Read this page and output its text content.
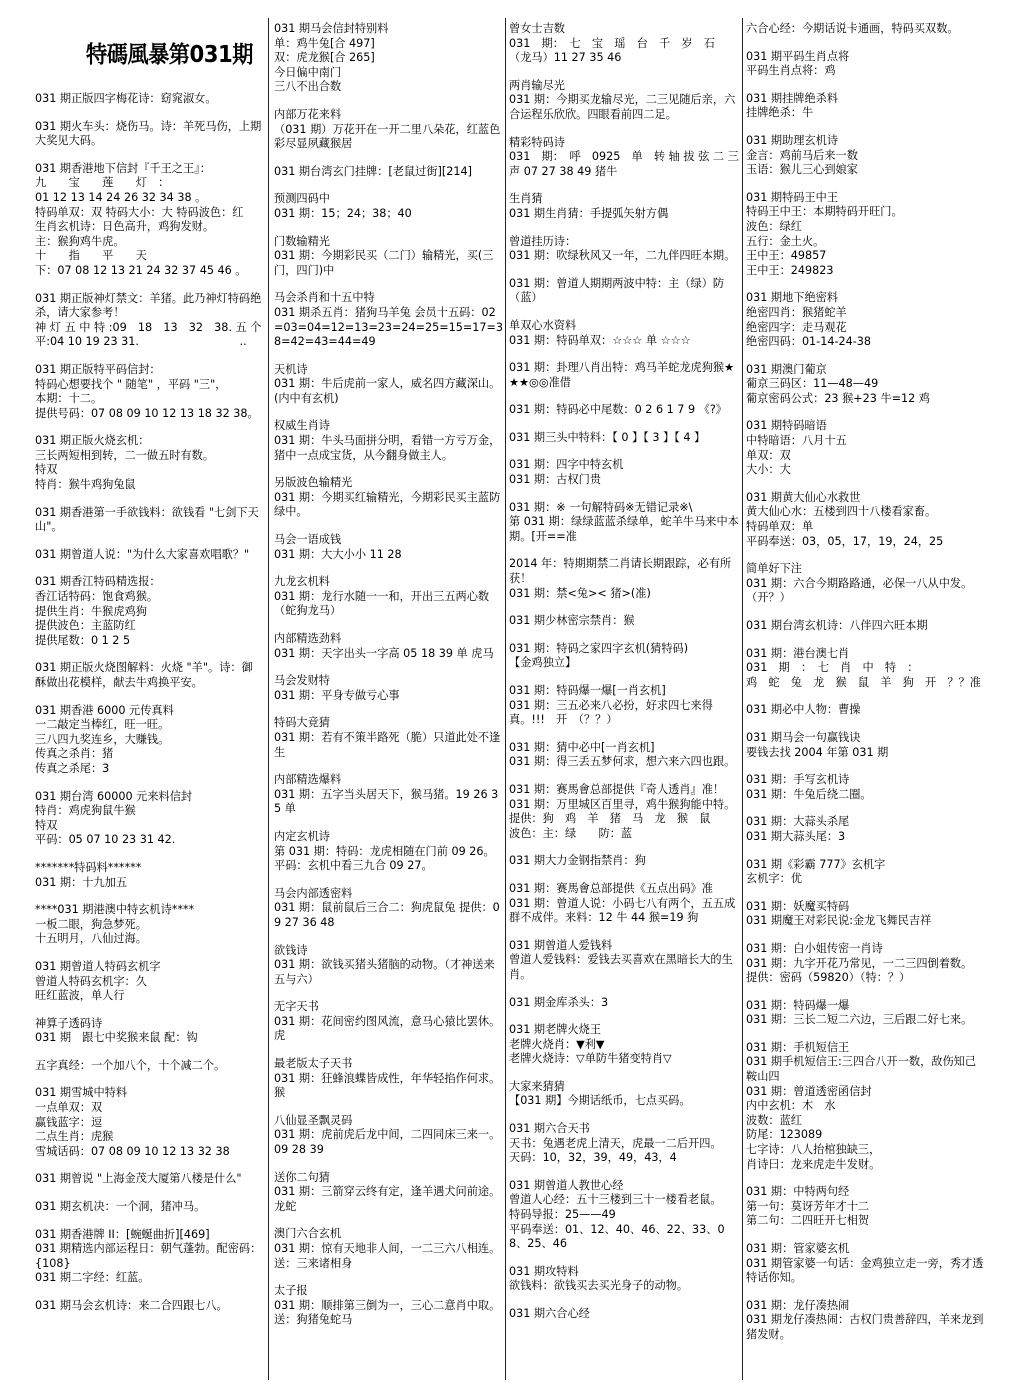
特碼風暴第031期
031 期正版四字梅花诗：窈窕淑女。
031 期火车头：烧伤马。诗：羊死马伤，上期大奖见大码。
031 期香港地下信封『千王之王』：
九　　宝　　莲　　灯　：
01 12 13 14 24 26 32 34 38 。
特码单双：双 特码大小：大 特码波色：红
生肖玄机诗：日色高升，鸡狗发财。
主：猴狗鸡牛虎。
十　　指　　平　　天
下：07 08 12 13 21 24 32 37 45 46 。
031 期正版神灯禁文：羊猪。此乃神灯特码绝杀，请大家参考！
神 灯 五 中 特 :09　18　13　32　38. 五 个
平:04 10 19 23 31.　　　　　　　　　..
031 期正版特平码信封：
特码心想要找个 " 随笔" ，平码 "三"，
本期：十二。
提供号码：07 08 09 10 12 13 18 32 38。
031 期正版火烧玄机：
三长两短相到转，二一做五时有数。
特双
特肖：猴牛鸡狗兔鼠
031 期香港第一手欲钱料：欲钱看 "七剑下天山"。
031 期曾道人说："为什么大家喜欢唱歌？"
031 期香江特码精选报：
香江话特码：饱食鸡猴。
提供生肖：牛猴虎鸡狗
提供波色：主蓝防红
提供尾数：0 1 2 5
031 期正版火烧图解料：火烧 "羊"。诗：御酥做出花模样，献去牛鸡换平安。
031 期香港 6000 元传真料
一二敲定当棒红，旺一旺。
三八四九奖连乡，大赚钱。
传真之杀肖：猪
传真之杀尾：3
031 期台湾 60000 元来料信封
特肖：鸡虎狗鼠牛猴
特双
平码：05 07 10 23 31 42.
*******特码料******
031 期：十九加五
****031 期港澳中特玄机诗****
一板二眼，狗急梦死。
十五明月，八仙过海。
031 期曾道人特码玄机字
曾道人特码玄机字：久
旺红蓝波，单人行
神算子透码诗
031 期　跟七中奖猴来鼠 配：钩
五字真经：一个加八个，十个减二个。
031 期雪城中特料
一点单双：双
赢钱蓝字：逗
二点生肖：虎猴
雪城话码：07 08 09 10 12 13 32 38
031 期曾说 "上海金茂大厦第八楼是什么"
031 期玄机决：一个洞，猪冲马。
031 期香港牌 II：[蜿蜒曲折][469]
031 期精选内部运程日：朝气蓬勃。配密码：{108}
031 期二字经：红蓝。
031 期马会玄机诗：来二合四跟七八。
031 期马会信封特别料
单：鸡牛兔[合 497]
双：虎龙猴[合 265]
今日偏中南门
三八不出合数
内部万花来料
（031 期）万花开在一开二里八朵花，红蓝色彩尽显夙藏猴居
031 期台湾玄门挂牌：[老鼠过街][214]
预测四码中
031 期：15；24；38；40
门数输精光
031 期：今期彩民买（二门）输精光，买(三门，四门)中
马会杀肖和十五中特
031 期杀五肖：猪狗马羊兔 会员十五码：02=03=04=12=13=23=24=25=15=17=38=42=43=44=49
天机诗
031 期：牛后虎前一家人，威名四方藏深山。(内中有玄机)
权威生肖诗
031 期：牛头马面拼分明，看错一方亏万金，猪中一点成宝货，从今翻身做主人。
另版波色输精光
031 期：今期买红输精光，今期彩民买主蓝防绿中。
马会一语成钱
031 期：大大小小 11 28
九龙玄机料
031 期：龙行水随一一和，开出三五两心数（蛇狗龙马）
内部精选劲料
031 期：天字出头一字高 05 18 39 单 虎马
马会发财特
031 期：平身专做亏心事
特码大竞猜
031 期：若有不策半路死（脆）只道此处不逢生
内部精选爆料
031 期：五字当头居天下，猴马猪。19 26 35 单
内定玄机诗
第 031 期：特码：龙虎相随在门前 09 26。平码：玄机中看三九合 09 27。
马会内部透密料
031 期：鼠前鼠后三合二：狗虎鼠兔 提供：09 27 36 48
欲钱诗
031 期：欲钱买猪头猪脑的动物。（才神送来五与六）
无字天书
031 期：花间密约图风流，意马心猿比罢休。虎
最老版太子天书
031 期：狂蜂浪蝶皆成性，年华轻掐作何求。猴
八仙显圣飘灵码
031 期：虎前虎后龙中间，二四同床三来一。09 28 39
送你二句猜
031 期：三箭穿云终有定，逢羊遇犬问前途。龙蛇
澳门六合玄机
031 期：惊有天地非人间，一二三六八相连。 送：三来诸相身
太子报
031 期：顺排第三倒为一，三心二意肖中取。送：狗猪兔蛇马
曾女士吉数
031　期：　七　宝　瑶　台　千　岁　石　（龙马）11 27 35 46
两肖输尽光
031 期：今期买龙输尽光，二三见随后亲，六合运程乐欣欣。四眼看前四二足。
精彩特码诗
031　期：　呼　0925　单　转 轴 拔 弦 二 三 声 07 27 38 49 猪牛
生肖猜
031 期生肖猜：手提弧矢射方偶
曾道挂历诗：
031 期：吹绿秋风又一年，二九伴四旺本期。
031 期：曾道人期期两波中特：主（绿）防（蓝）
单双心水资料
031 期：特码单双：☆☆☆ 单 ☆☆☆
031 期：卦理八肖出特：鸡马羊蛇龙虎狗猴★★★◎◎准借
031 期：特码必中尾数：0 2 6 1 7 9 《?》
031 期三头中特料：【 0 】【 3 】【 4 】
031 期：四字中特玄机
031 期：古权门贵
031 期：※ 一句解特码※无错记录※\
第 031 期：绿绿蓝蓝杀绿单，蛇羊牛马来中本期。[开==准
2014 年：特期期禁二肖请长期跟踪，必有所获！
031 期：禁<兔>< 猪>(准)
031 期少林密宗禁肖：猴
031 期：特码之家四字玄机(猜特码)
【金鸡独立】
031 期：特码爆一爆[一肖玄机]
031 期：三五必来八必扮，好求四七来得真。!!!　开　（？？）
031 期：猜中必中[一肖玄机]
031 期：得三丢五梦何求，想六来六四也跟。
031 期：赛馬會总部提供『奇人透肖』准！
031 期：万里城区百里寻，鸡牛猴狗能中特。
提供：狗　鸡　羊　猪　马　龙　猴　鼠
波色：主：绿　　防：蓝
031 期大力金钢指禁肖：狗
031 期：赛馬會总部提供《五点出码》准
031 期：曾道人说：小码七八有两个，五五成群不成伴。来料：12 牛 44 猴=19 狗
031 期曾道人爱钱料
曾道人爱钱料：爱钱去买喜欢在黑暗长大的生肖。
031 期金库杀头：3
031 期老牌火烧王
老牌火烧肖：▼利▼
老牌火烧诗：▽单防牛猪变特肖▽
大家来猜猜
【031 期】今期话纸币，七点买码。
031 期六合天书
天书：兔遇老虎上清天，虎最一二后开四。
天码：10，32，39，49，43，4
031 期曾道人教世心经
曾道人心经：五十三楼到三十一楼看老鼠。
特码导报：25——49
平码奉送：01、12、40、46、22、33、08、25、46
031 期攻特料
欲钱料：欲钱买去买光身子的动物。
031 期六合心经
六合心经：今期话说卡通画，特码买双数。
031 期平码生肖点将
平码生肖点将：鸡
031 期挂牌绝杀料
挂牌绝杀：牛
031 期助理玄机诗
金言：鸡前马后来一数
玉语：猴儿三心到娘家
031 期特码王中王
特码王中王：本期特码开旺门。
波色：绿红
五行：金土火。
王中王：49857
王中王：249823
031 期地下绝密料
绝密四肖：猴猪蛇羊
绝密四字：走马观花
绝密四码：01-14-24-38
031 期澳门葡京
葡京三码区：11—48—49
葡京密码公式：23 猴+23 牛=12 鸡
031 期特码暗语
中特暗语：八月十五
单双：双
大小：大
031 期黄大仙心水救世
黄大仙心水：五楼到四十八楼看家畜。
特码单双：单
平码奉送：03，05，17，19，24，25
简单好下注
031 期：六合今期路路通，必保一八从中发。（开？）
031 期台湾玄机诗：八伴四六旺本期
031 期：港台澳七肖
031　期　：　七　肖　中　特　：
鸡　蛇　兔　龙　猴　鼠　羊　狗　开　？？准
031 期必中人物：曹操
031 期马会一句赢钱诀
要钱去找 2004 年第 031 期
031 期：手写玄机诗
031 期：牛兔后绕二圈。
031 期：大蒜头杀尾
031 期大蒜头尾：3
031 期《彩霸 777》玄机字
玄机字：优
031 期：妖魔买特码
031 期魔王对彩民说:金龙飞舞民吉祥
031 期：白小姐传密一肖诗
031 期：九字开花乃常见，一二三四倒着数。
提供：密码（59820）（特：？）
031 期：特码爆一爆
031 期：三长二短二六边，三后跟二好七来。
031 期：手机短信王
031 期手机短信王:三四合八开一数，敌伤知己鞍山四
031 期：曾道透密函信封
内中玄机：木　水
波数：蓝红
防尾：123089
七字诗：八人抬棺独缺三，
肖诗曰：龙来虎走牛发财。
031 期：中特两句经
第一句：莫讶芳年才十二
第二句：二四旺开七相贺
031 期：管家婆玄机
031 期管家婆一句话：金鸡独立走一旁，秀才透特话你知。
031 期：龙仔凑热闹
031 期龙仔凑热闹：古权门贵善辞四，羊来龙到猪发财。
